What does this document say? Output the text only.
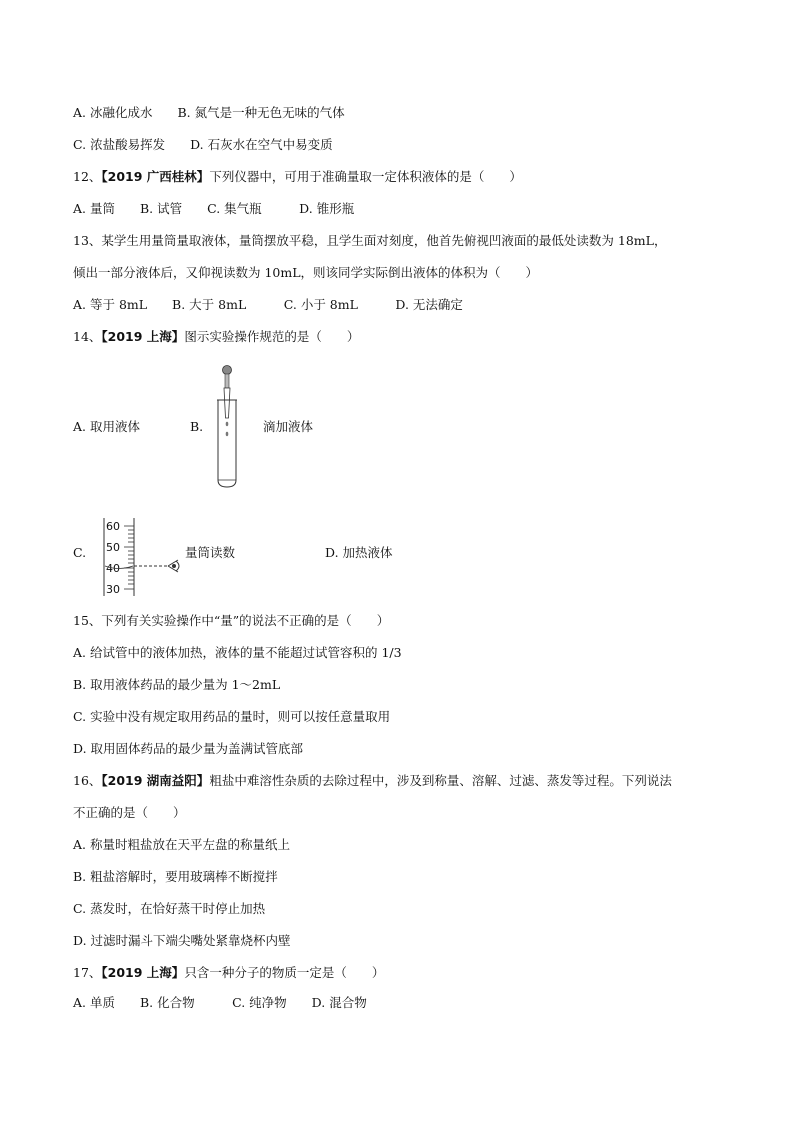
A. 冰融化成水　　B. 氮气是一种无色无味的气体
C. 浓盐酸易挥发　　D. 石灰水在空气中易变质
12、【2019 广西桂林】下列仪器中，可用于准确量取一定体积液体的是（　　）
A. 量筒　　B. 试管　　C. 集气瓶　　　D. 锥形瓶
13、某学生用量筒量取液体，量筒摆放平稳，且学生面对刻度，他首先俯视凹液面的最低处读数为 18mL，
倾出一部分液体后，又仰视读数为 10mL，则该同学实际倒出液体的体积为（　　）
A. 等于 8mL　　B. 大于 8mL　　　C. 小于 8mL　　　D. 无法确定
14、【2019 上海】图示实验操作规范的是（　　）
A. 取用液体	B.	滴加液体
C.	量筒读数	D. 加热液体
60
50
40
30
15、下列有关实验操作中“量”的说法不正确的是（　　）
A. 给试管中的液体加热，液体的量不能超过试管容积的 1/3
B. 取用液体药品的最少量为 1～2mL
C. 实验中没有规定取用药品的量时，则可以按任意量取用
D. 取用固体药品的最少量为盖满试管底部
16、【2019 湖南益阳】粗盐中难溶性杂质的去除过程中，涉及到称量、溶解、过滤、蒸发等过程。下列说法
不正确的是（　　）
A. 称量时粗盐放在天平左盘的称量纸上
B. 粗盐溶解时，要用玻璃棒不断搅拌
C. 蒸发时，在恰好蒸干时停止加热
D. 过滤时漏斗下端尖嘴处紧靠烧杯内壁
17、【2019 上海】只含一种分子的物质一定是（　　）
A. 单质　　B. 化合物　　　C. 纯净物　　D. 混合物
